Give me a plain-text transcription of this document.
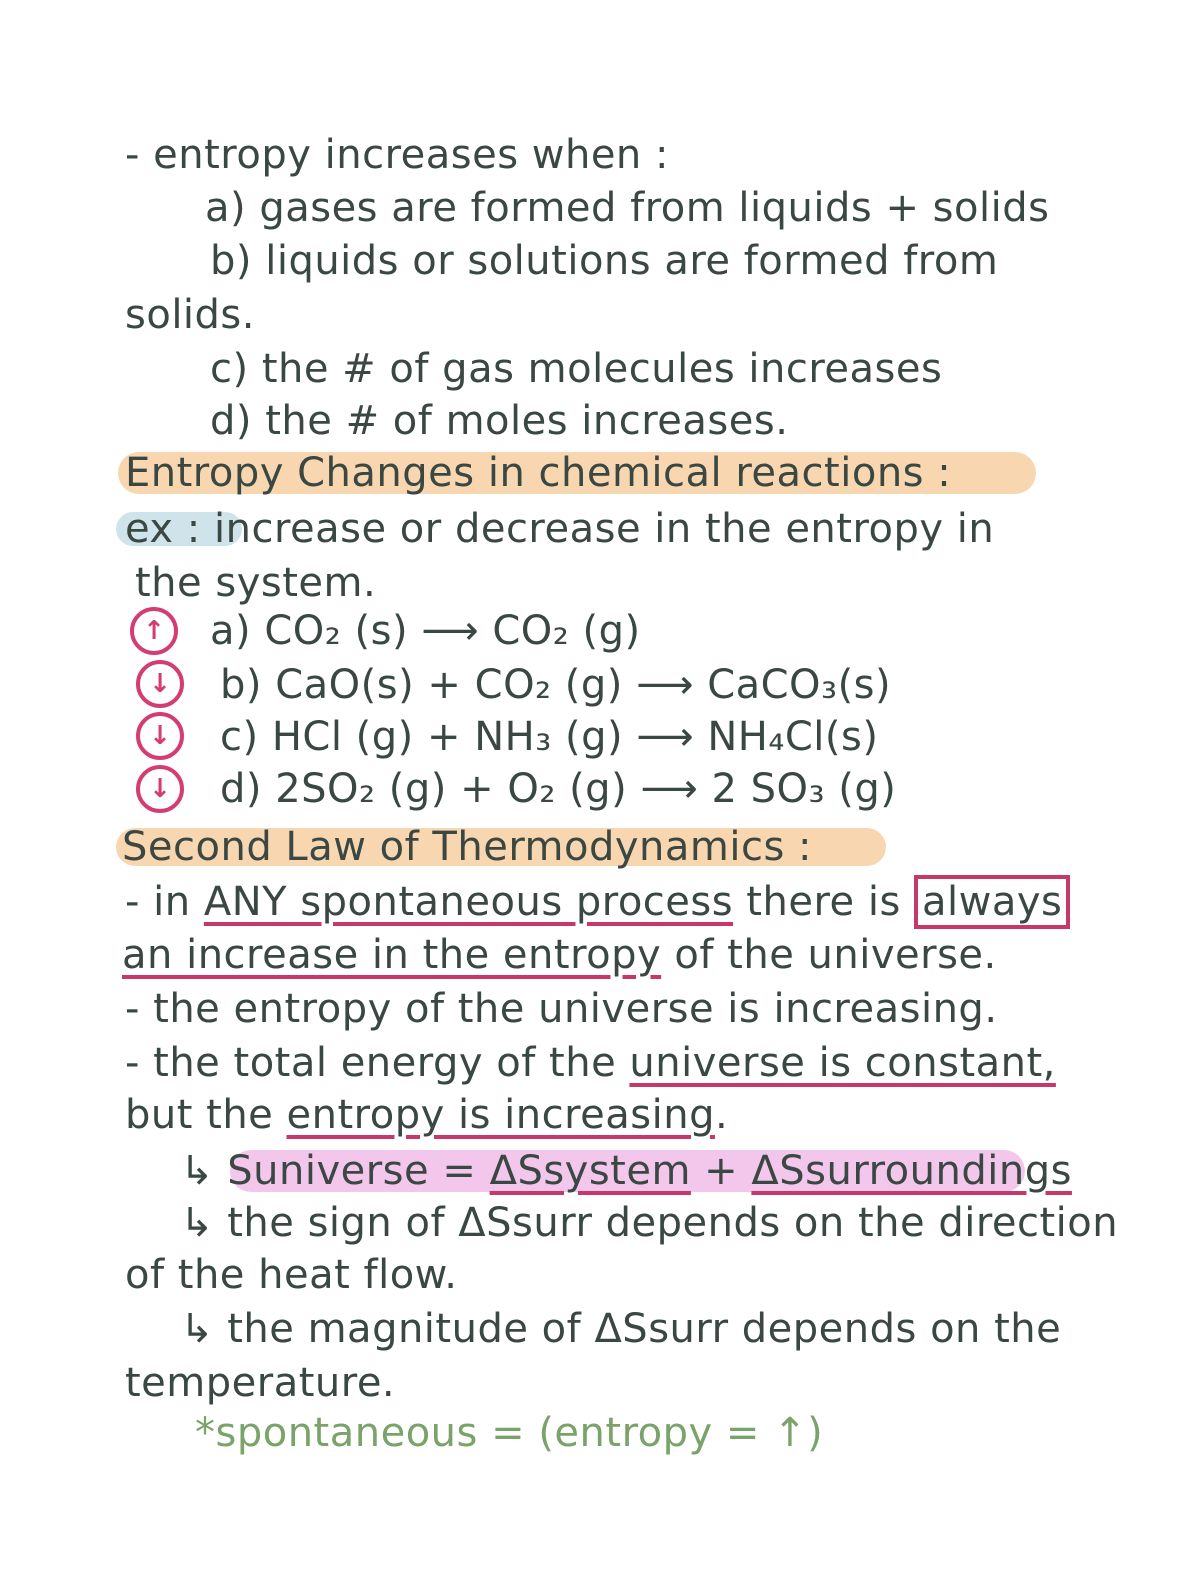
- entropy increases when :
a) gases are formed from liquids + solids
b) liquids or solutions are formed from
solids.
c) the # of gas molecules increases
d) the # of moles increases.
Entropy Changes in chemical reactions :
ex : increase or decrease in the entropy in
the system.
↑	a) CO₂ (s) ⟶ CO₂ (g)
↓	b) CaO(s) + CO₂ (g) ⟶ CaCO₃(s)
↓	c) HCl (g) + NH₃ (g) ⟶ NH₄Cl(s)
↓	d) 2SO₂ (g) + O₂ (g) ⟶ 2 SO₃ (g)
Second Law of Thermodynamics :
- in ANY spontaneous process there is always
an increase in the entropy of the universe.
- the entropy of the universe is increasing.
- the total energy of the universe is constant,
but the entropy is increasing.
↳ Suniverse = ΔSsystem + ΔSsurroundings
↳ the sign of ΔSsurr depends on the direction
of the heat flow.
↳ the magnitude of ΔSsurr depends on the
temperature.
*spontaneous = (entropy = ↑)
